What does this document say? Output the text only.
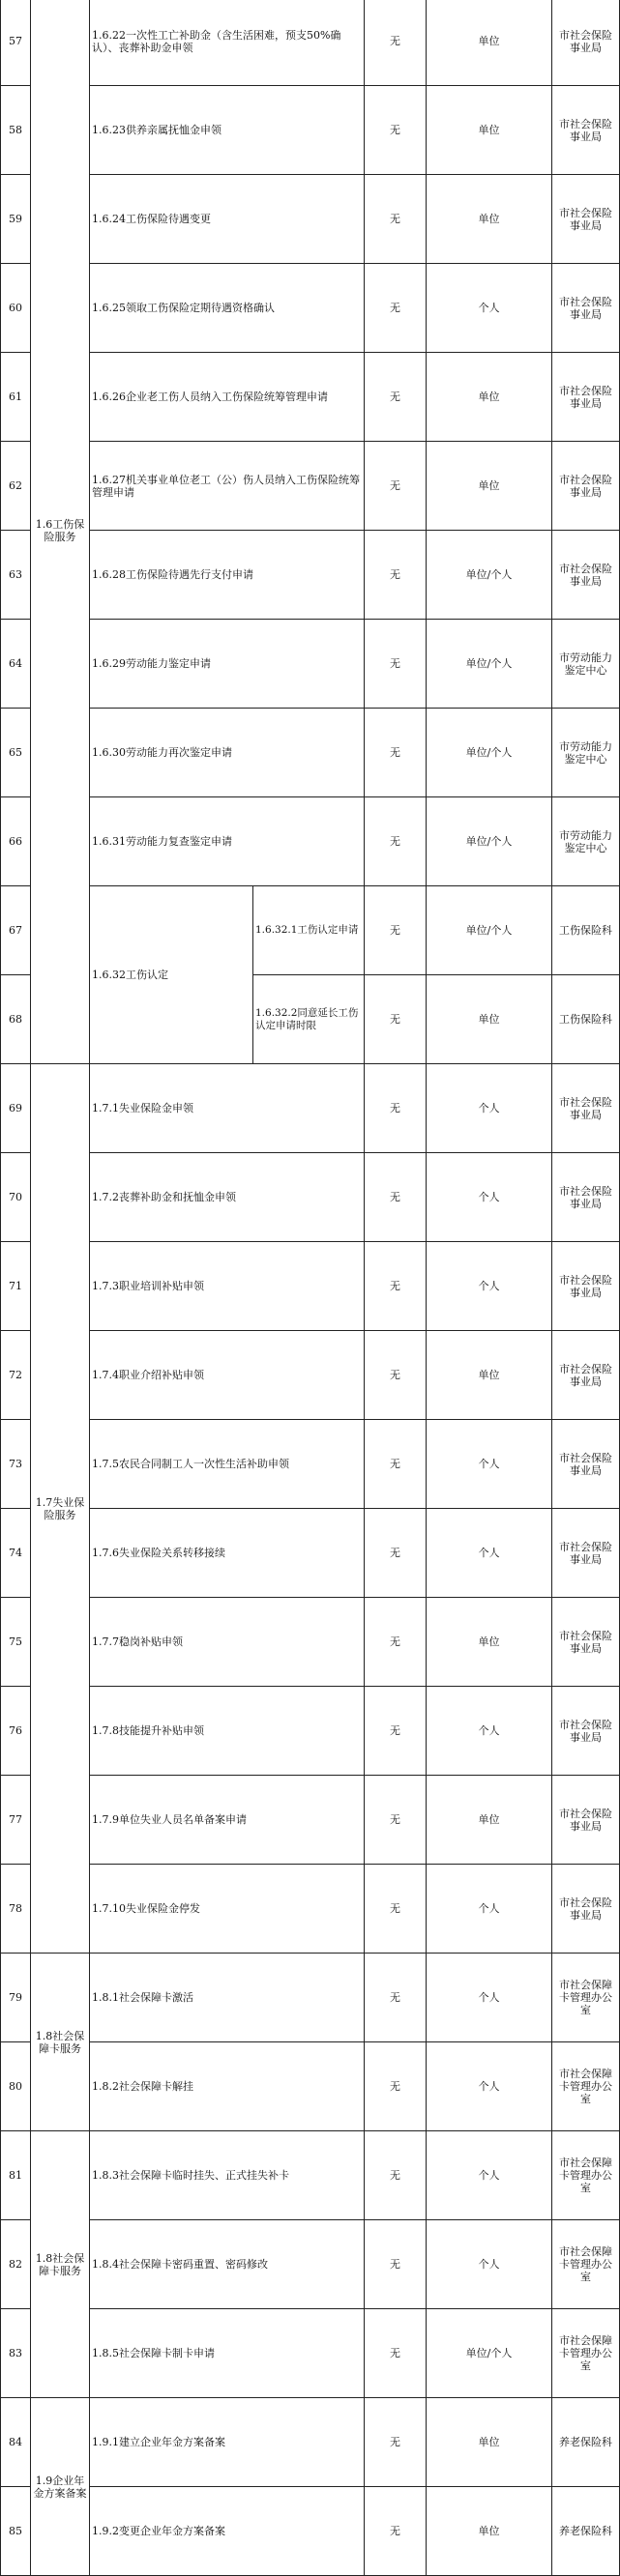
57	1.6工伤保险服务	1.6.22一次性工亡补助金（含生活困难，预支50%确认）、丧葬补助金申领		无	单位	市社会保险事业局	
58		1.6.23供养亲属抚恤金申领		无	单位	市社会保险事业局	
59		1.6.24工伤保险待遇变更		无	单位	市社会保险事业局	
60		1.6.25领取工伤保险定期待遇资格确认		无	个人	市社会保险事业局	
61		1.6.26企业老工伤人员纳入工伤保险统筹管理申请		无	单位	市社会保险事业局	
62		1.6.27机关事业单位老工（公）伤人员纳入工伤保险统筹管理申请		无	单位	市社会保险事业局	
63		1.6.28工伤保险待遇先行支付申请		无	单位/个人	市社会保险事业局	
64		1.6.29劳动能力鉴定申请		无	单位/个人	市劳动能力鉴定中心	
65		1.6.30劳动能力再次鉴定申请		无	单位/个人	市劳动能力鉴定中心	
66		1.6.31劳动能力复查鉴定申请		无	单位/个人	市劳动能力鉴定中心	
67		1.6.32工伤认定	1.6.32.1工伤认定申请	无	单位/个人	工伤保险科	
68			1.6.32.2同意延长工伤认定申请时限	无	单位	工伤保险科	
69	1.7失业保险服务	1.7.1失业保险金申领		无	个人	市社会保险事业局	
70		1.7.2丧葬补助金和抚恤金申领		无	个人	市社会保险事业局	
71		1.7.3职业培训补贴申领		无	个人	市社会保险事业局	
72		1.7.4职业介绍补贴申领		无	单位	市社会保险事业局	
73		1.7.5农民合同制工人一次性生活补助申领		无	个人	市社会保险事业局	
74		1.7.6失业保险关系转移接续		无	个人	市社会保险事业局	
75		1.7.7稳岗补贴申领		无	单位	市社会保险事业局	
76		1.7.8技能提升补贴申领		无	个人	市社会保险事业局	
77		1.7.9单位失业人员名单备案申请		无	单位	市社会保险事业局	
78		1.7.10失业保险金停发		无	个人	市社会保险事业局	
79	1.8社会保障卡服务	1.8.1社会保障卡激活		无	个人	市社会保障卡管理办公室	
80		1.8.2社会保障卡解挂		无	个人	市社会保障卡管理办公室	
81	1.8社会保障卡服务	1.8.3社会保障卡临时挂失、正式挂失补卡		无	个人	市社会保障卡管理办公室	
82		1.8.4社会保障卡密码重置、密码修改		无	个人	市社会保障卡管理办公室	
83		1.8.5社会保障卡制卡申请		无	单位/个人	市社会保障卡管理办公室	
84	1.9企业年金方案备案	1.9.1建立企业年金方案备案		无	单位	养老保险科	
85		1.9.2变更企业年金方案备案		无	单位	养老保险科	
